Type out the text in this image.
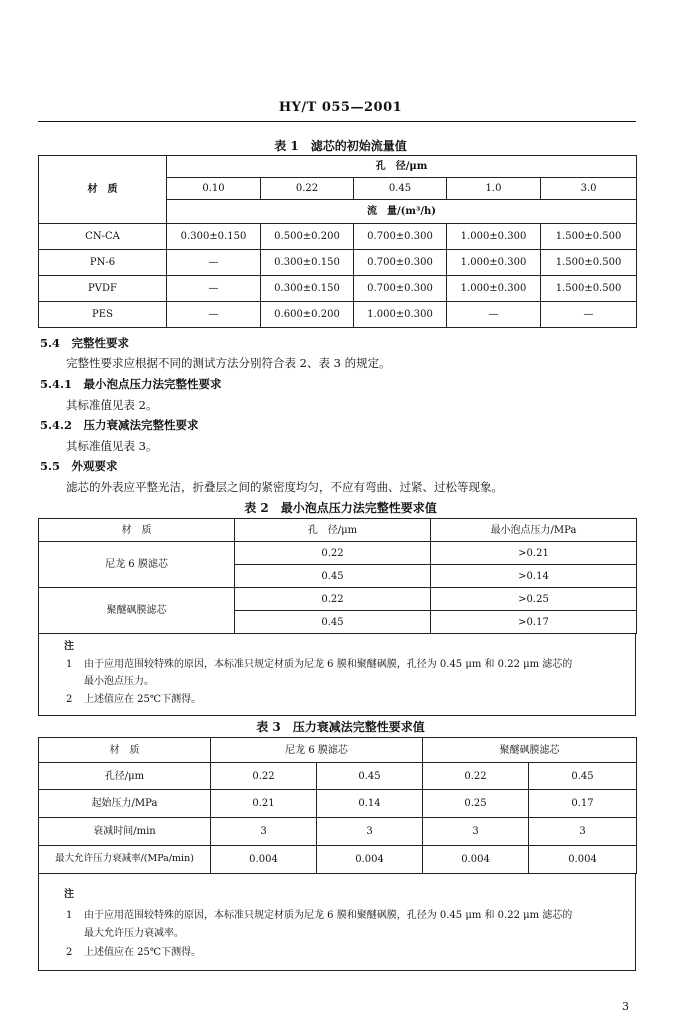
HY/T 055—2001
表 1　滤芯的初始流量值
材　质	孔　径/μm				
	0.10	0.22	0.45	1.0	3.0
	流　量/(m³/h)				
CN-CA	0.300±0.150	0.500±0.200	0.700±0.300	1.000±0.300	1.500±0.500
PN-6	—	0.300±0.150	0.700±0.300	1.000±0.300	1.500±0.500
PVDF	—	0.300±0.150	0.700±0.300	1.000±0.300	1.500±0.500
PES	—	0.600±0.200	1.000±0.300	—	—
5.4　完整性要求
完整性要求应根据不同的测试方法分别符合表 2、表 3 的规定。
5.4.1　最小泡点压力法完整性要求
其标准值见表 2。
5.4.2　压力衰减法完整性要求
其标准值见表 3。
5.5　外观要求
滤芯的外表应平整光洁，折叠层之间的紧密度均匀，不应有弯曲、过紧、过松等现象。
表 2　最小泡点压力法完整性要求值
材　质	孔　径/μm	最小泡点压力/MPa
尼龙 6 膜滤芯	0.22	>0.21
	0.45	>0.14
聚醚砜膜滤芯	0.22	>0.25
	0.45	>0.17
注
1 由于应用范围较特殊的原因，本标准只规定材质为尼龙 6 膜和聚醚砜膜，孔径为 0.45 μm 和 0.22 μm 滤芯的
最小泡点压力。
2 上述值应在 25℃下测得。
表 3　压力衰减法完整性要求值
材　质	尼龙 6 膜滤芯		聚醚砜膜滤芯	
孔径/μm	0.22	0.45	0.22	0.45
起始压力/MPa	0.21	0.14	0.25	0.17
衰减时间/min	3	3	3	3
最大允许压力衰减率/(MPa/min)	0.004	0.004	0.004	0.004
注
1 由于应用范围较特殊的原因，本标准只规定材质为尼龙 6 膜和聚醚砜膜，孔径为 0.45 μm 和 0.22 μm 滤芯的
最大允许压力衰减率。
2 上述值应在 25℃下测得。
3
